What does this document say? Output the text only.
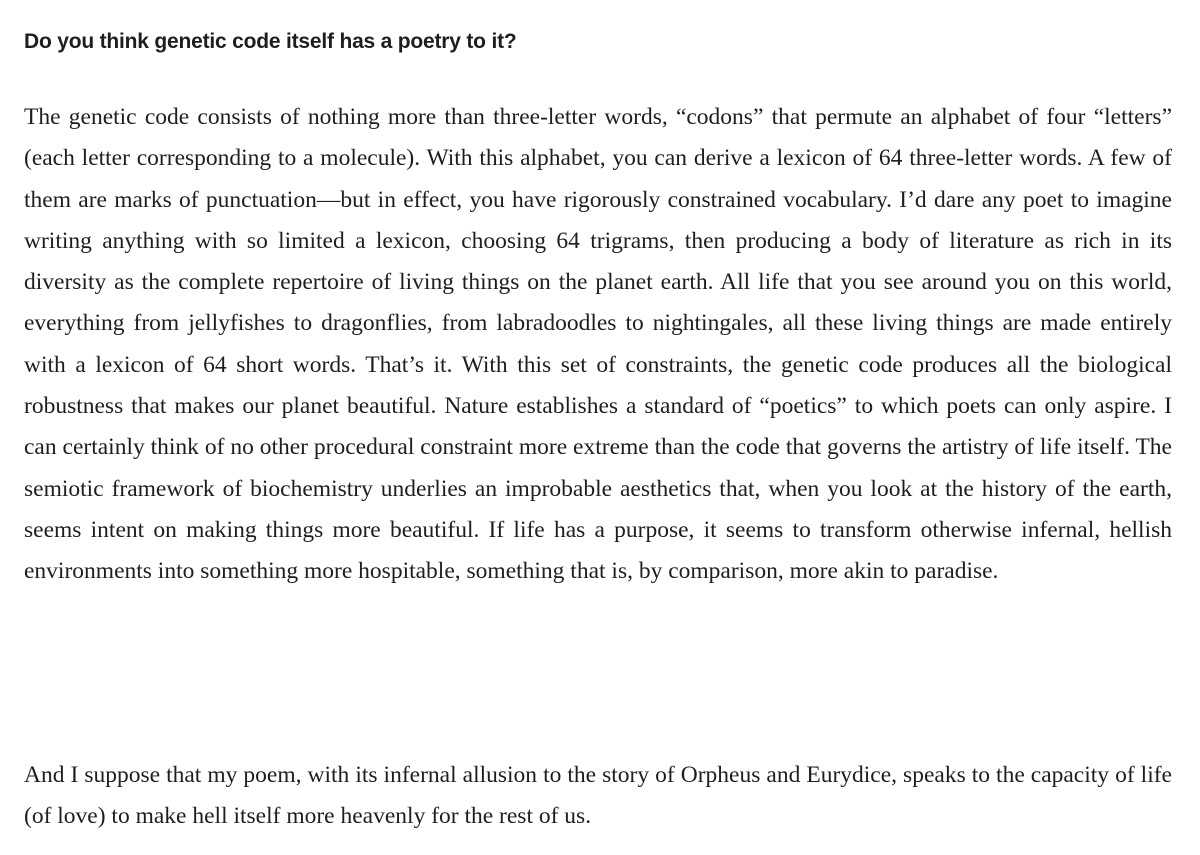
Do you think genetic code itself has a poetry to it?

The genetic code consists of nothing more than three-letter words, “codons” that permute an alphabet of four “letters” (each letter corresponding to a molecule). With this alphabet, you can derive a lexicon of 64 three-letter words. A few of them are marks of punctuation—but in effect, you have rigorously constrained vocabulary. I’d dare any poet to imagine writing anything with so limited a lexicon, choosing 64 trigrams, then producing a body of literature as rich in its diversity as the complete repertoire of living things on the planet earth. All life that you see around you on this world, everything from jellyfishes to dragonflies, from labradoodles to nightingales, all these living things are made entirely with a lexicon of 64 short words. That’s it. With this set of constraints, the genetic code produces all the biological robustness that makes our planet beautiful. Nature establishes a standard of “poetics” to which poets can only aspire. I can certainly think of no other procedural constraint more extreme than the code that governs the artistry of life itself. The semiotic framework of biochemistry underlies an improbable aesthetics that, when you look at the history of the earth, seems intent on making things more beautiful. If life has a purpose, it seems to transform otherwise infernal, hellish environments into something more hospitable, something that is, by comparison, more akin to paradise.

And I suppose that my poem, with its infernal allusion to the story of Orpheus and Eurydice, speaks to the capacity of life (of love) to make hell itself more heavenly for the rest of us.
